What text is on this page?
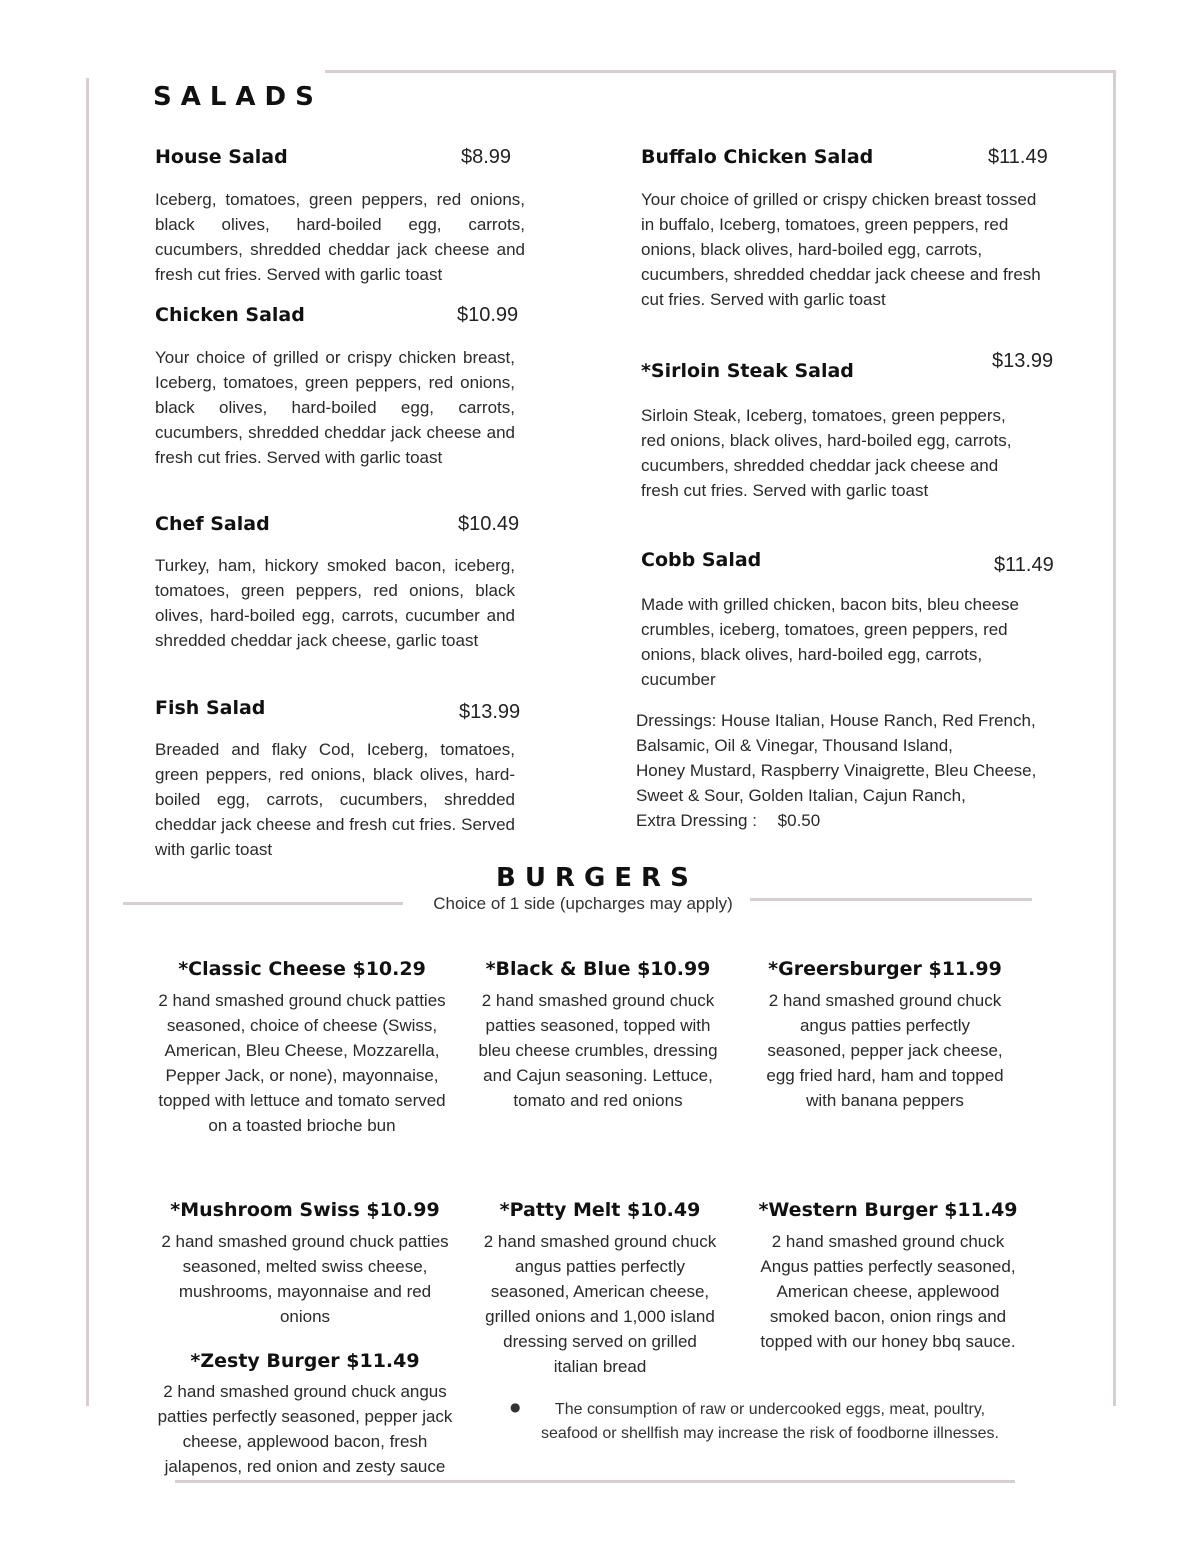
SALADS
House Salad	$8.99

Iceberg, tomatoes, green peppers, red onions, black olives, hard-boiled egg, carrots, cucumbers, shredded cheddar jack cheese and fresh cut fries. Served with garlic toast

Chicken Salad	$10.99

Your choice of grilled or crispy chicken breast, Iceberg, tomatoes, green peppers, red onions, black olives, hard-boiled egg, carrots, cucumbers, shredded cheddar jack cheese and fresh cut fries. Served with garlic toast

Chef Salad	$10.49

Turkey, ham, hickory smoked bacon, iceberg, tomatoes, green peppers, red onions, black olives, hard-boiled egg, carrots, cucumber and shredded cheddar jack cheese, garlic toast

Fish Salad	$13.99

Breaded and flaky Cod, Iceberg, tomatoes, green peppers, red onions, black olives, hard-boiled egg, carrots, cucumbers, shredded cheddar jack cheese and fresh cut fries. Served with garlic toast

Buffalo Chicken Salad	$11.49

Your choice of grilled or crispy chicken breast tossed in buffalo, Iceberg, tomatoes, green peppers, red onions, black olives, hard-boiled egg, carrots, cucumbers, shredded cheddar jack cheese and fresh cut fries. Served with garlic toast

*Sirloin Steak Salad	$13.99

Sirloin Steak, Iceberg, tomatoes, green peppers, red onions, black olives, hard-boiled egg, carrots, cucumbers, shredded cheddar jack cheese and fresh cut fries. Served with garlic toast

Cobb Salad	$11.49

Made with grilled chicken, bacon bits, bleu cheese crumbles, iceberg, tomatoes, green peppers, red onions, black olives, hard-boiled egg, carrots, cucumber

Dressings: House Italian, House Ranch, Red French,
Balsamic, Oil & Vinegar, Thousand Island,
Honey Mustard, Raspberry Vinaigrette, Bleu Cheese,
Sweet & Sour, Golden Italian, Cajun Ranch,
Extra Dressing : $0.50
BURGERS
Choice of 1 side (upcharges may apply)

*Classic Cheese $10.29

2 hand smashed ground chuck patties seasoned, choice of cheese (Swiss, American, Bleu Cheese, Mozzarella, Pepper Jack, or none), mayonnaise, topped with lettuce and tomato served on a toasted brioche bun

*Black & Blue $10.99

2 hand smashed ground chuck patties seasoned, topped with bleu cheese crumbles, dressing and Cajun seasoning. Lettuce, tomato and red onions

*Greersburger $11.99

2 hand smashed ground chuck angus patties perfectly seasoned, pepper jack cheese, egg fried hard, ham and topped with banana peppers

*Mushroom Swiss $10.99

2 hand smashed ground chuck patties seasoned, melted swiss cheese, mushrooms, mayonnaise and red onions

*Patty Melt $10.49

2 hand smashed ground chuck angus patties perfectly seasoned, American cheese, grilled onions and 1,000 island dressing served on grilled italian bread

*Western Burger $11.49

2 hand smashed ground chuck Angus patties perfectly seasoned, American cheese, applewood smoked bacon, onion rings and topped with our honey bbq sauce.

*Zesty Burger $11.49

2 hand smashed ground chuck angus patties perfectly seasoned, pepper jack cheese, applewood bacon, fresh jalapenos, red onion and zesty sauce

●	The consumption of raw or undercooked eggs, meat, poultry, seafood or shellfish may increase the risk of foodborne illnesses.
